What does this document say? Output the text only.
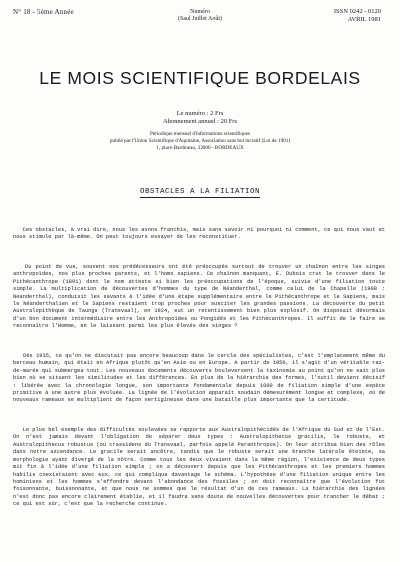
N° 18 - 5ème Année	Numéro
(Saul Juillet Août)
ISSN 0242 - 0120
AVRIL 1981
LE MOIS SCIENTIFIQUE BORDELAIS
Le numéro : 2 Frs
Abonnement annuel : 20 Frs
Périodique mensuel d'informations scientifiques
publié par l'Union Scientifique d'Aquitaine, Association sans but lucratif (Loi de 1901)
1, place Bardineau, 33000 - BORDEAUX
OBSTACLES A LA FILIATION

Ces obstacles, à vrai dire, nous les avons franchis, mais sans savoir ni pourquoi ni comment, ce qui nous vaut et nous stimule par là-même. On peut toujours essayer de les reconstituer.

Du point de vue, souvent nos prédécesseurs ont été préoccupés surtout de trouver un chaînon entre les singes anthropoïdes, nos plus proches parents, et l'homo sapiens. Ce chaînon manquant, E. Dubois crut le trouver dans le Pithécanthrope (1891) dont le nom atteste si bien les préoccupations de l'époque, suivie d'une filiation toute simple. La multiplication de découvertes d'hommes du type de Néanderthal, comme celui de la Chapelle (1908 : Neanderthal), conduisit les savants à l'idée d'une étape supplémentaire entre le Pithécanthrope et le Sapiens, mais le Néanderthalien et le Sapiens restaient trop proches pour susciter les grandes passions. La découverte du petit Australopithèque de Taungs (Transvaal), en 1924, eut un retentissement bien plus explosif. On disposait désormais d'un bon document intermédiaire entre les Anthropoïdes ou Pongidés et les Pithécanthropes. Il suffit de le faire se reconnaître l'Homme, en le laissant parmi les plus élevés des singes ?

Dès 1935, ce qu'on ne discutait pas encore beaucoup dans le cercle des spécialistes, c'est l'emplacement même du berceau humain, qui était en Afrique plutôt qu'en Asie ou en Europe. A partir de 1950, il s'agit d'un véritable raz-de-marée qui submergea tout. Les nouveaux documents découverts bouleversent la taxinomie au point qu'on ne sait plus bien où se situent les similitudes et les différences. En plus de la hiérarchie des formes, l'outil devient décisif : libérée avec la chronologie longue, son importance fondamentale depuis 1000 de filiation simple d'une espèce primitive à une autre plus évoluée. La lignée de l'évolution apparaît soudain démesurément longue et complexe, où de nouveaux rameaux se multiplient de façon vertigineuse dans une bataille plus importante que la certitude.

Le plus bel exemple des difficultés soulevées se rapporte aux Australopithécidés de l'Afrique du Sud et de l'Est. On n'est jamais devant l'obligation de séparer deux types : Australopithecus gracilis, le robuste, et Australopithecus robustus (ou crassidens du Transvaal, parfois appelé Paranthropus). On leur attribua bien des rôles dans notre ascendance. Le gracile serait ancêtre, tandis que le robuste serait une branche latérale éteinte, sa morphologie ayant divergé de la nôtre. Comme tous les deux vivaient dans la même région, l'existence de deux types mit fin à l'idée d'une filiation simple ; on a découvert depuis que les Pithécanthropes et les premiers hommes habilis coexistaient avec eux, ce qui complique davantage le schéma. L'hypothèse d'une filiation unique entre les hominiens et les hommes s'effondre devant l'abondance des fossiles ; on doit reconnaître que l'évolution fut foisonnante, buissonnante, et que nous ne sommes que le résultat d'un de ces rameaux. La hiérarchie des lignées n'est donc pas encore clairement établie, et il faudra sans doute de nouvelles découvertes pour trancher le débat ; ce qui est sûr, c'est que la recherche continue.
